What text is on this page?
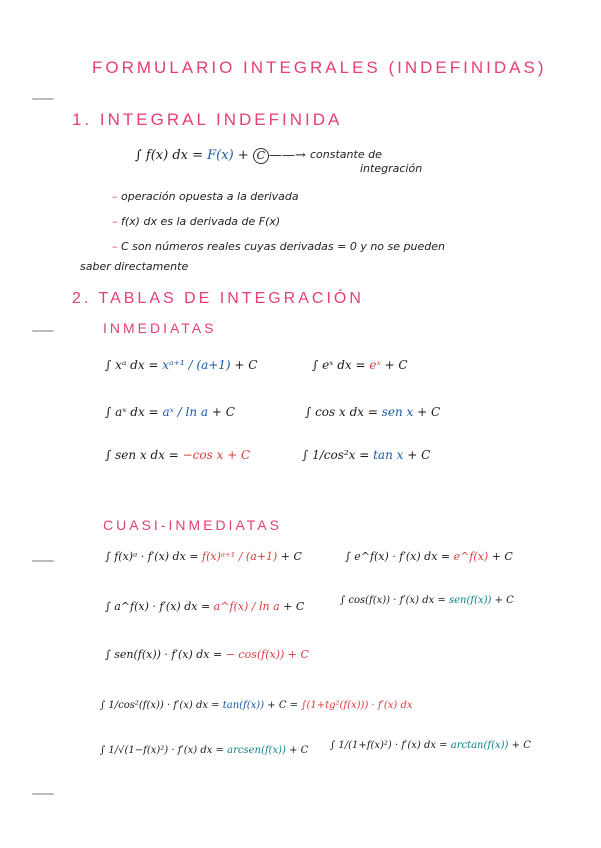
FORMULARIO INTEGRALES (INDEFINIDAS)
1. INTEGRAL INDEFINIDA
∫ f(x) dx = F(x) + C ——→ constante de
integración
– operación opuesta a la derivada
– f(x) dx es la derivada de F(x)
– C son números reales cuyas derivadas = 0 y no se pueden
saber directamente
2. TABLAS DE INTEGRACIÓN
INMEDIATAS
∫ xᵃ dx = xᵃ⁺¹ / (a+1) + C
∫ aˣ dx = aˣ / ln a + C
∫ sen x dx = −cos x + C
∫ eˣ dx = eˣ + C
∫ cos x dx = sen x + C
∫ 1/cos²x = tan x + C
CUASI-INMEDIATAS
∫ f(x)ᵃ · f′(x) dx = f(x)ᵃ⁺¹ / (a+1) + C	∫ e^f(x) · f′(x) dx = e^f(x) + C
∫ a^f(x) · f′(x) dx = a^f(x) / ln a + C	∫ cos(f(x)) · f′(x) dx = sen(f(x)) + C
∫ sen(f(x)) · f′(x) dx = − cos(f(x)) + C
∫ 1/cos²(f(x)) · f′(x) dx = tan(f(x)) + C = ∫(1+tg²(f(x))) · f′(x) dx
∫ 1/√(1−f(x)²) · f′(x) dx = arcsen(f(x)) + C ∫ 1/(1+f(x)²) · f′(x) dx = arctan(f(x)) + C
